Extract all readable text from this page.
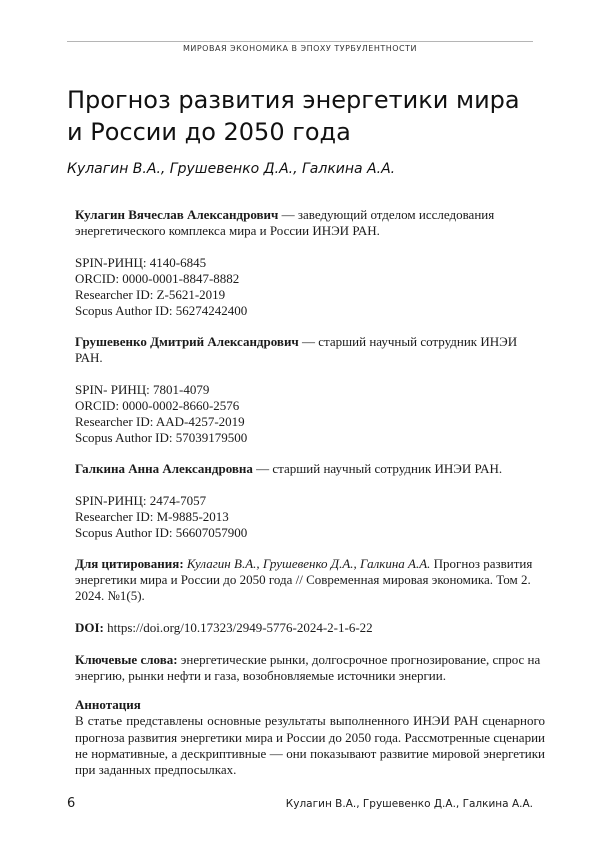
МИРОВАЯ ЭКОНОМИКА В ЭПОХУ ТУРБУЛЕНТНОСТИ
Прогноз развития энергетики мира и России до 2050 года
Кулагин В.А., Грушевенко Д.А., Галкина А.А.

Кулагин Вячеслав Александрович — заведующий отделом исследования энергетического комплекса мира и России ИНЭИ РАН.

SPIN-РИНЦ: 4140-6845
ORCID: 0000-0001-8847-8882
Researcher ID: Z-5621-2019
Scopus Author ID: 56274242400

Грушевенко Дмитрий Александрович — старший научный сотрудник ИНЭИ РАН.

SPIN- РИНЦ: 7801-4079
ORCID: 0000-0002-8660-2576
Researcher ID: AAD-4257-2019
Scopus Author ID: 57039179500

Галкина Анна Александровна — старший научный сотрудник ИНЭИ РАН.

SPIN-РИНЦ: 2474-7057
Researcher ID: M-9885-2013
Scopus Author ID: 56607057900

Для цитирования: Кулагин В.А., Грушевенко Д.А., Галкина А.А. Прогноз развития энергетики мира и России до 2050 года // Современная мировая экономика. Том 2. 2024. №1(5).

DOI: https://doi.org/10.17323/2949-5776-2024-2-1-6-22

Ключевые слова: энергетические рынки, долгосрочное прогнозирование, спрос на энергию, рынки нефти и газа, возобновляемые источники энергии.

Аннотация
В статье представлены основные результаты выполненного ИНЭИ РАН сценарного прогноза развития энергетики мира и России до 2050 года. Рассмотренные сценарии не нормативные, а дескриптивные — они показывают развитие мировой энергетики при заданных предпосылках.
6	Кулагин В.А., Грушевенко Д.А., Галкина А.А.
